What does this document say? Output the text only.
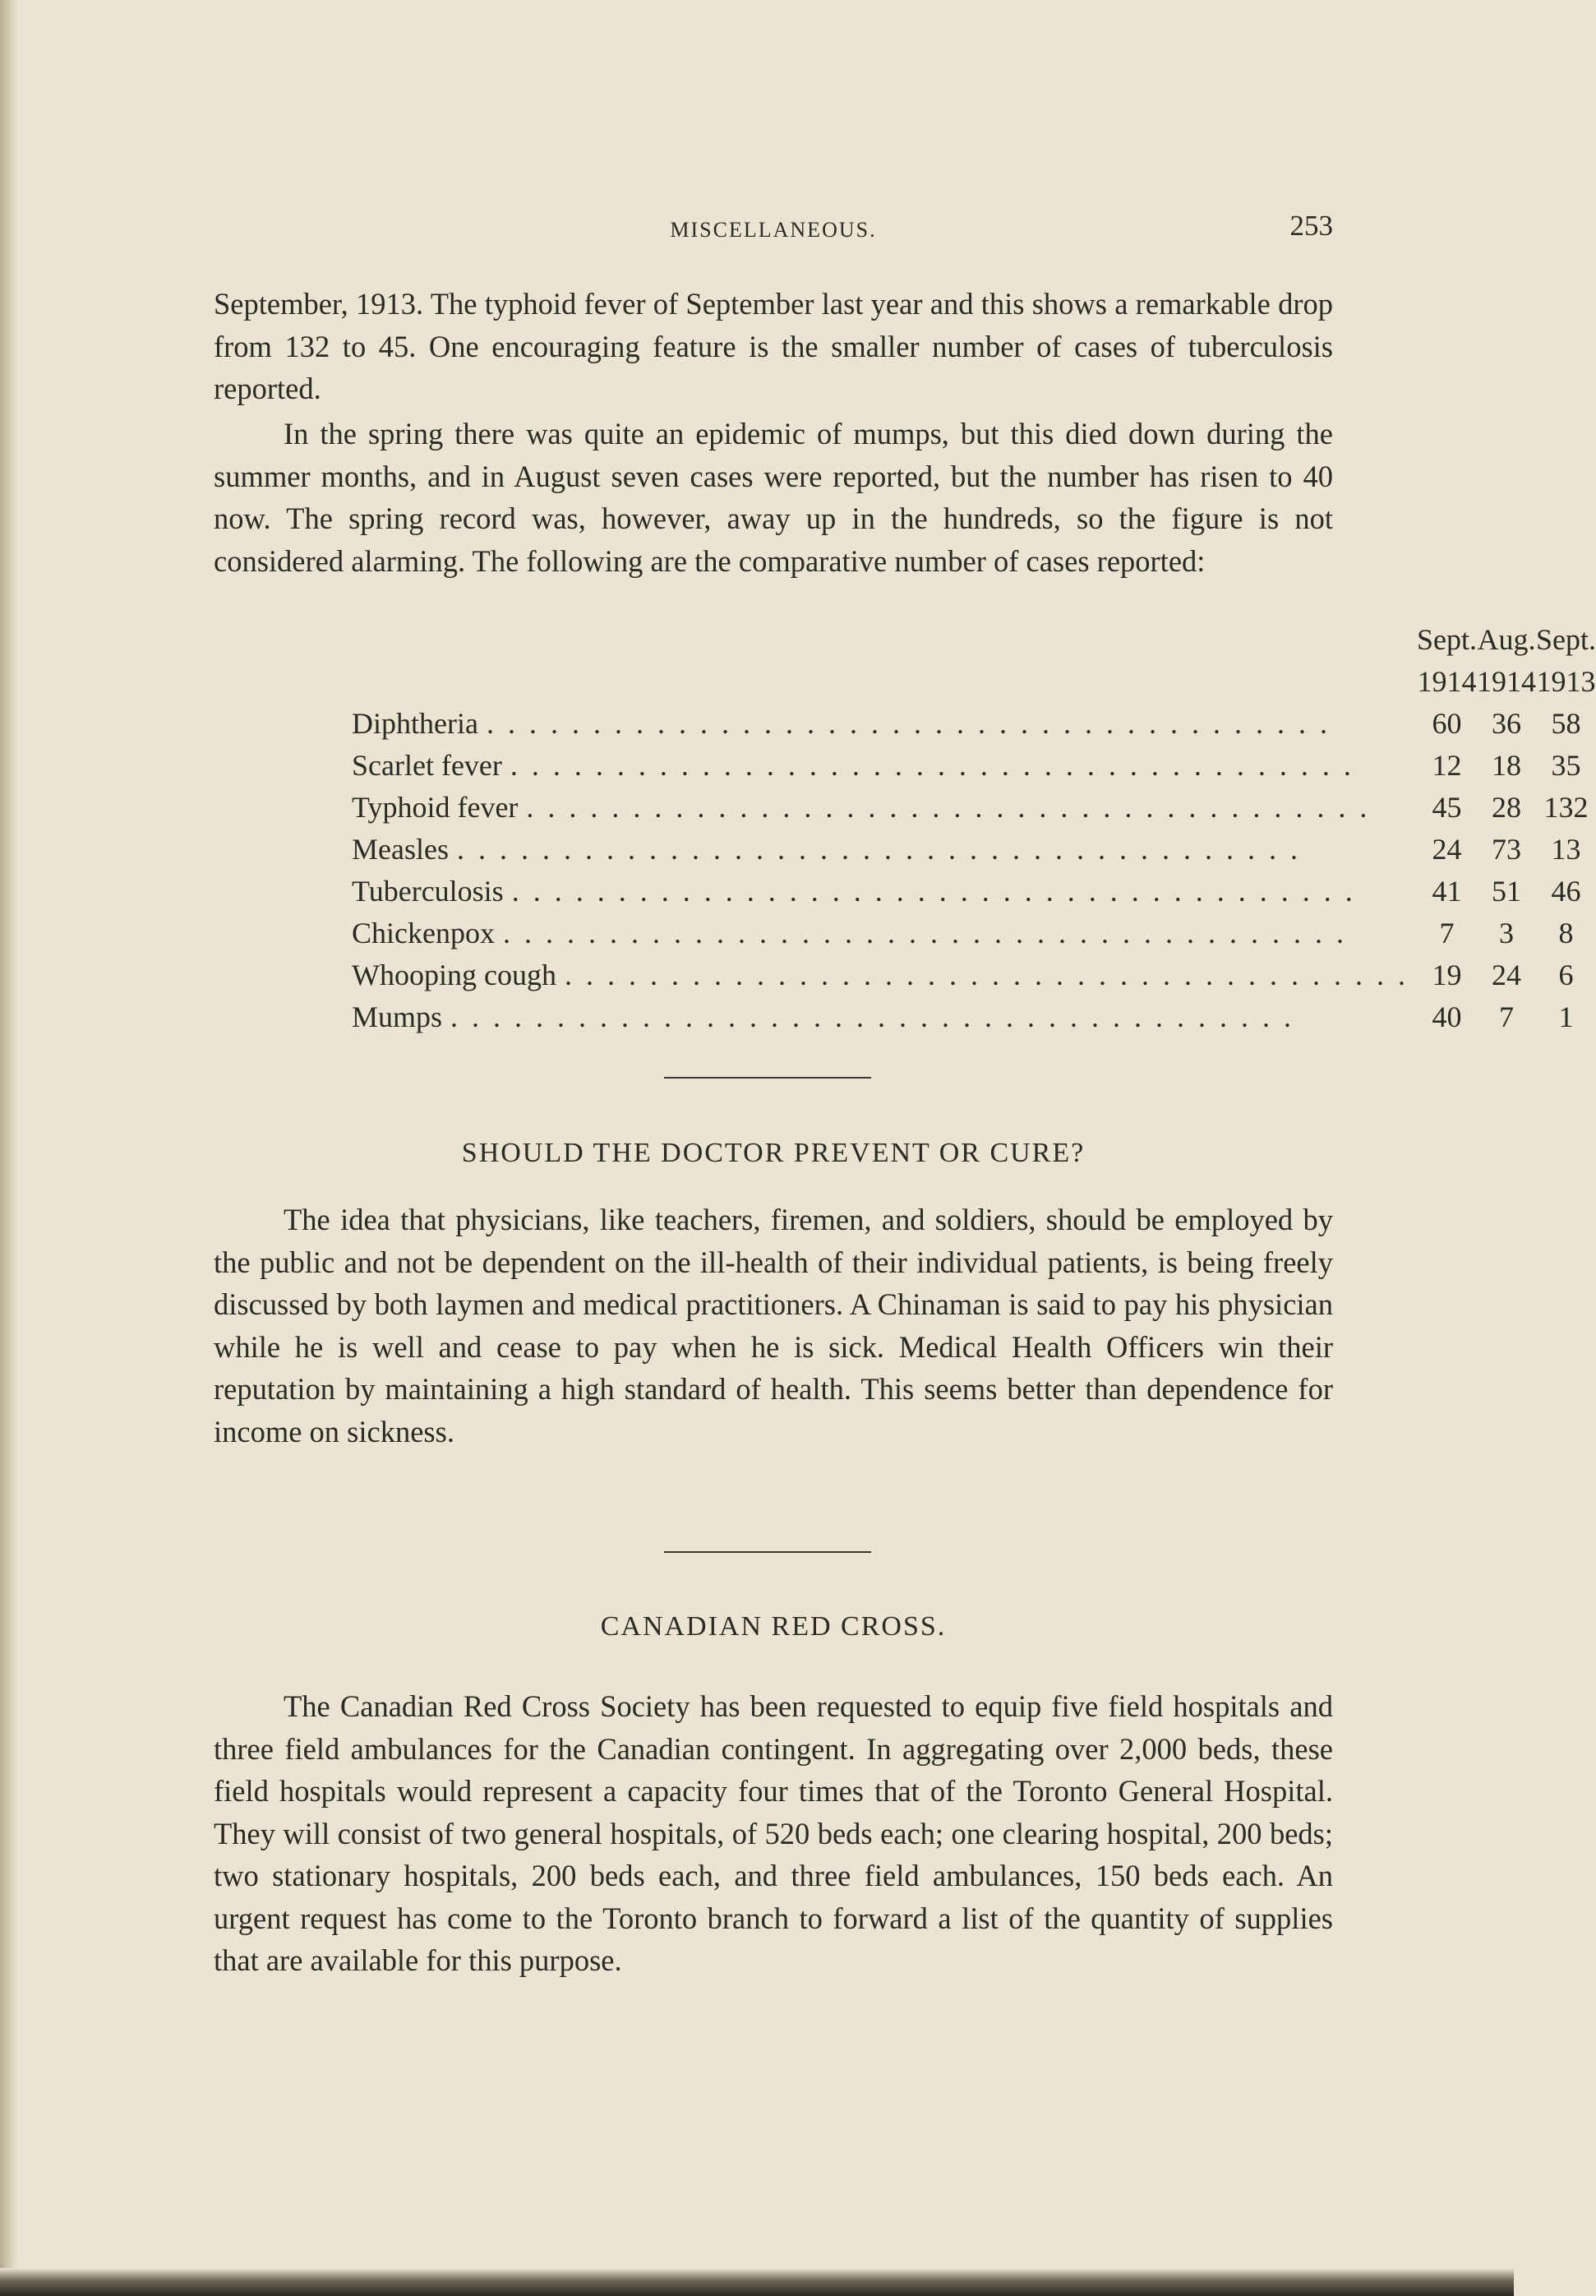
MISCELLANEOUS.	253

September, 1913. The typhoid fever of September last year and this shows a remarkable drop from 132 to 45. One encouraging feature is the smaller number of cases of tuberculosis reported.

In the spring there was quite an epidemic of mumps, but this died down during the summer months, and in August seven cases were reported, but the number has risen to 40 now. The spring record was, however, away up in the hundreds, so the figure is not considered alarming. The following are the comparative number of cases reported:

	Sept.	Aug.	Sept.
	1914	1914	1913

Diphtheria . . . . . . . . . . . . . . . . . . . . . . . . . . . . . . . . . . . . . . . .	60	36	58

Scarlet fever . . . . . . . . . . . . . . . . . . . . . . . . . . . . . . . . . . . . . . . .	12	18	35

Typhoid fever . . . . . . . . . . . . . . . . . . . . . . . . . . . . . . . . . . . . . . . .	45	28	132

Measles . . . . . . . . . . . . . . . . . . . . . . . . . . . . . . . . . . . . . . . .	24	73	13

Tuberculosis . . . . . . . . . . . . . . . . . . . . . . . . . . . . . . . . . . . . . . . .	41	51	46

Chickenpox . . . . . . . . . . . . . . . . . . . . . . . . . . . . . . . . . . . . . . . .	7	3	8

Whooping cough . . . . . . . . . . . . . . . . . . . . . . . . . . . . . . . . . . . . . . . .	19	24	6

Mumps . . . . . . . . . . . . . . . . . . . . . . . . . . . . . . . . . . . . . . . .	40	7	1
SHOULD THE DOCTOR PREVENT OR CURE?

The idea that physicians, like teachers, firemen, and soldiers, should be employed by the public and not be dependent on the ill-health of their individual patients, is being freely discussed by both laymen and medical practitioners. A Chinaman is said to pay his physician while he is well and cease to pay when he is sick. Medical Health Officers win their reputation by maintaining a high standard of health. This seems better than dependence for income on sickness.

CANADIAN RED CROSS.

The Canadian Red Cross Society has been requested to equip five field hospitals and three field ambulances for the Canadian contingent. In aggregating over 2,000 beds, these field hospitals would represent a capacity four times that of the Toronto General Hospital. They will consist of two general hospitals, of 520 beds each; one clearing hospital, 200 beds; two stationary hospitals, 200 beds each, and three field ambulances, 150 beds each. An urgent request has come to the Toronto branch to forward a list of the quantity of supplies that are available for this purpose.
